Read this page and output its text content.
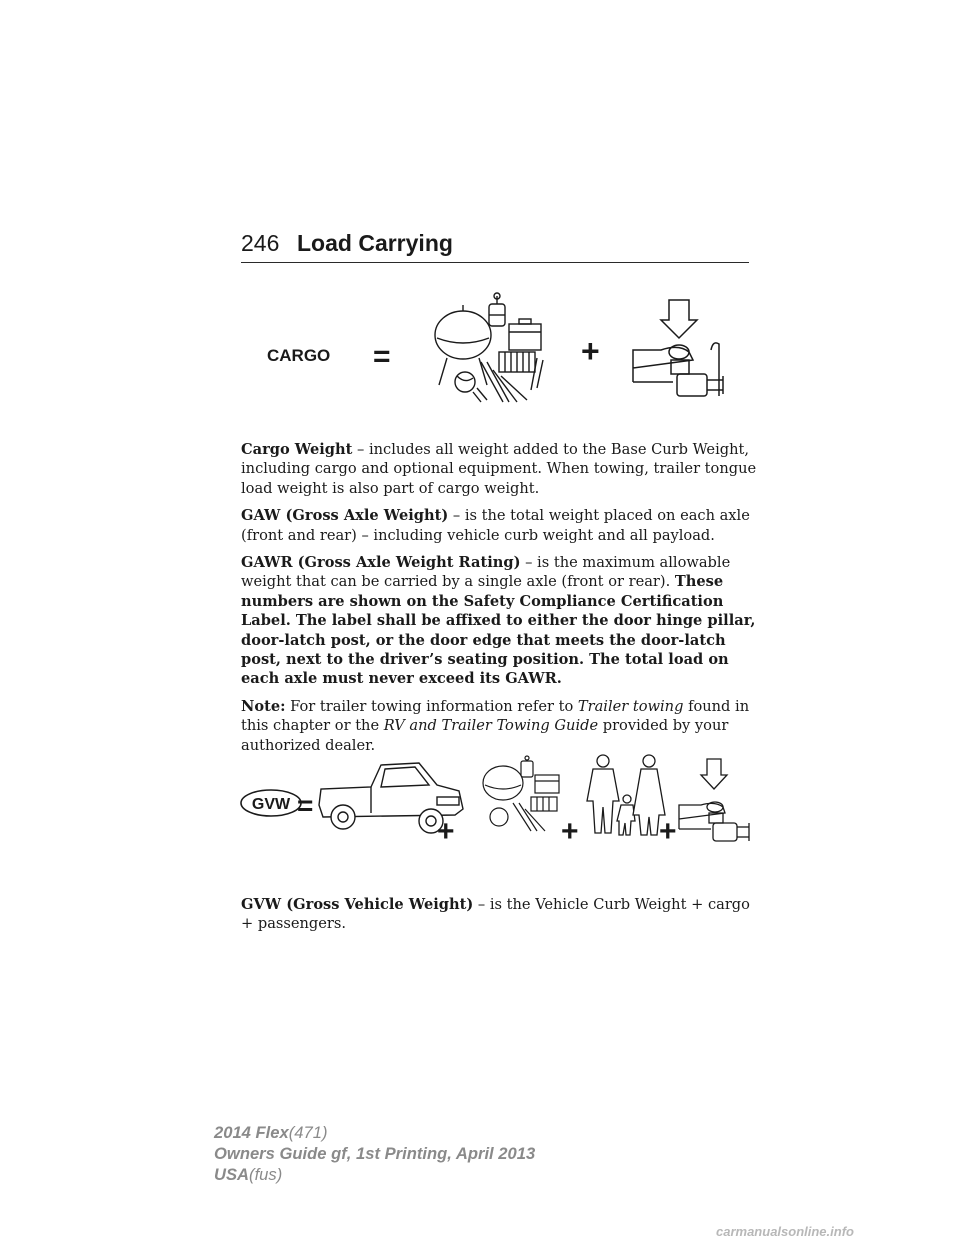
246 Load Carrying
CARGO =	+

Cargo Weight – includes all weight added to the Base Curb Weight, including cargo and optional equipment. When towing, trailer tongue load weight is also part of cargo weight.

GAW (Gross Axle Weight) – is the total weight placed on each axle (front and rear) – including vehicle curb weight and all payload.

GAWR (Gross Axle Weight Rating) – is the maximum allowable weight that can be carried by a single axle (front or rear). These numbers are shown on the Safety Compliance Certification Label. The label shall be affixed to either the door hinge pillar, door-latch post, or the door edge that meets the door-latch post, next to the driver’s seating position. The total load on each axle must never exceed its GAWR.

Note: For trailer towing information refer to Trailer towing found in this chapter or the RV and Trailer Towing Guide provided by your authorized dealer.

GVW =
+	+	+

GVW (Gross Vehicle Weight) – is the Vehicle Curb Weight + cargo + passengers.

2014 Flex(471)
Owners Guide gf, 1st Printing, April 2013
USA(fus)
carmanualsonline.info
